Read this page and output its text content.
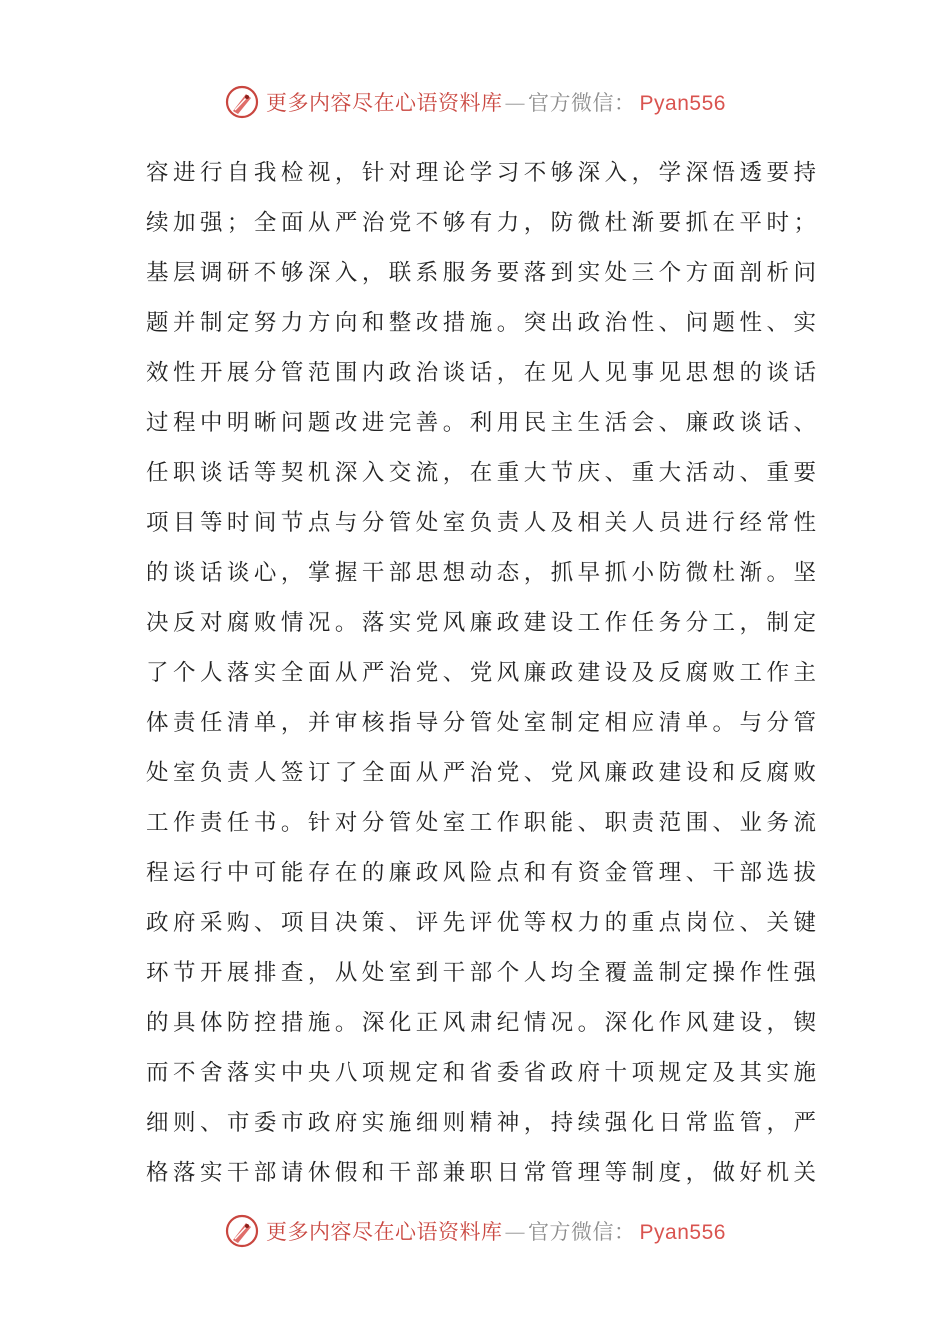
更多内容尽在心语资料库—官方微信： Pyan556
容进行自我检视，针对理论学习不够深入，学深悟透要持
续加强；全面从严治党不够有力，防微杜渐要抓在平时；
基层调研不够深入，联系服务要落到实处三个方面剖析问
题并制定努力方向和整改措施。突出政治性、问题性、实
效性开展分管范围内政治谈话，在见人见事见思想的谈话
过程中明晰问题改进完善。利用民主生活会、廉政谈话、
任职谈话等契机深入交流，在重大节庆、重大活动、重要
项目等时间节点与分管处室负责人及相关人员进行经常性
的谈话谈心，掌握干部思想动态，抓早抓小防微杜渐。坚
决反对腐败情况。落实党风廉政建设工作任务分工，制定
了个人落实全面从严治党、党风廉政建设及反腐败工作主
体责任清单，并审核指导分管处室制定相应清单。与分管
处室负责人签订了全面从严治党、党风廉政建设和反腐败
工作责任书。针对分管处室工作职能、职责范围、业务流
程运行中可能存在的廉政风险点和有资金管理、干部选拔
政府采购、项目决策、评先评优等权力的重点岗位、关键
环节开展排查，从处室到干部个人均全覆盖制定操作性强
的具体防控措施。深化正风肃纪情况。深化作风建设，锲
而不舍落实中央八项规定和省委省政府十项规定及其实施
细则、市委市政府实施细则精神，持续强化日常监管，严
格落实干部请休假和干部兼职日常管理等制度，做好机关
更多内容尽在心语资料库—官方微信： Pyan556
